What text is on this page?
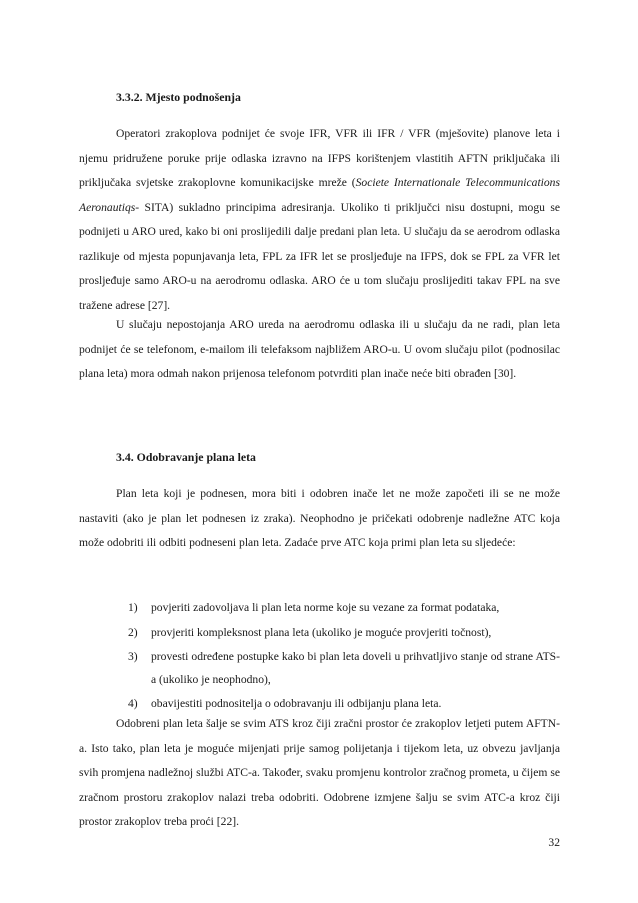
3.3.2. Mjesto podnošenja

Operatori zrakoplova podnijet će svoje IFR, VFR ili IFR / VFR (mješovite) planove leta i njemu pridružene poruke prije odlaska izravno na IFPS korištenjem vlastitih AFTN priključaka ili priključaka svjetske zrakoplovne komunikacijske mreže (Societe Internationale Telecommunications Aeronautiqs- SITA) sukladno principima adresiranja. Ukoliko ti priključci nisu dostupni, mogu se podnijeti u ARO ured, kako bi oni proslijedili dalje predani plan leta. U slučaju da se aerodrom odlaska razlikuje od mjesta popunjavanja leta, FPL za IFR let se prosljeđuje na IFPS, dok se FPL za VFR let prosljeđuje samo ARO-u na aerodromu odlaska. ARO će u tom slučaju proslijediti takav FPL na sve tražene adrese [27].

U slučaju nepostojanja ARO ureda na aerodromu odlaska ili u slučaju da ne radi, plan leta podnijet će se telefonom, e-mailom ili telefaksom najbližem ARO-u. U ovom slučaju pilot (podnosilac plana leta) mora odmah nakon prijenosa telefonom potvrditi plan inače neće biti obrađen [30].

3.4. Odobravanje plana leta

Plan leta koji je podnesen, mora biti i odobren inače let ne može započeti ili se ne može nastaviti (ako je plan let podnesen iz zraka). Neophodno je pričekati odobrenje nadležne ATC koja može odobriti ili odbiti podneseni plan leta. Zadaće prve ATC koja primi plan leta su sljedeće:

1) povjeriti zadovoljava li plan leta norme koje su vezane za format podataka,
2) provjeriti kompleksnost plana leta (ukoliko je moguće provjeriti točnost),
3) provesti određene postupke kako bi plan leta doveli u prihvatljivo stanje od strane ATS-a (ukoliko je neophodno),
4) obavijestiti podnositelja o odobravanju ili odbijanju plana leta.

Odobreni plan leta šalje se svim ATS kroz čiji zračni prostor će zrakoplov letjeti putem AFTN-a. Isto tako, plan leta je moguće mijenjati prije samog polijetanja i tijekom leta, uz obvezu javljanja svih promjena nadležnoj službi ATC-a. Također, svaku promjenu kontrolor zračnog prometa, u čijem se zračnom prostoru zrakoplov nalazi treba odobriti. Odobrene izmjene šalju se svim ATC-a kroz čiji prostor zrakoplov treba proći [22].

32
